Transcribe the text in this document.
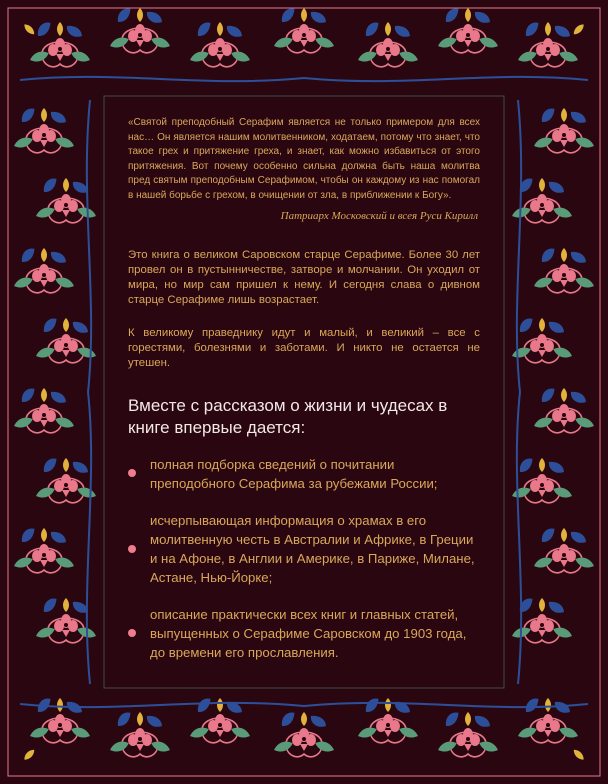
«Святой преподобный Серафим является не только примером для всех нас… Он является нашим молитвенником, ходатаем, потому что знает, что такое грех и притяжение греха, и знает, как можно избавиться от этого притяжения. Вот почему особенно сильна должна быть наша молитва пред святым преподобным Серафимом, чтобы он каждому из нас помогал в нашей борьбе с грехом, в очищении от зла, в приближении к Богу».

Патриарх Московский и всея Руси Кирилл

Это книга о великом Саровском старце Серафиме. Более 30 лет провел он в пустынничестве, затворе и молчании. Он уходил от мира, но мир сам пришел к нему. И сегодня слава о дивном старце Серафиме лишь возрастает.

К великому праведнику идут и малый, и великий – все с горестями, болезнями и заботами. И никто не остается не утешен.

Вместе с рассказом о жизни и чудесах в книге впервые дается:
полная подборка сведений о почитании преподобного Серафима за рубежами России;
исчерпывающая информация о храмах в его молитвенную честь в Австралии и Африке, в Греции и на Афоне, в Англии и Америке, в Париже, Милане, Астане, Нью-Йорке;
описание практически всех книг и главных статей, выпущенных о Серафиме Саровском до 1903 года, до времени его прославления.
